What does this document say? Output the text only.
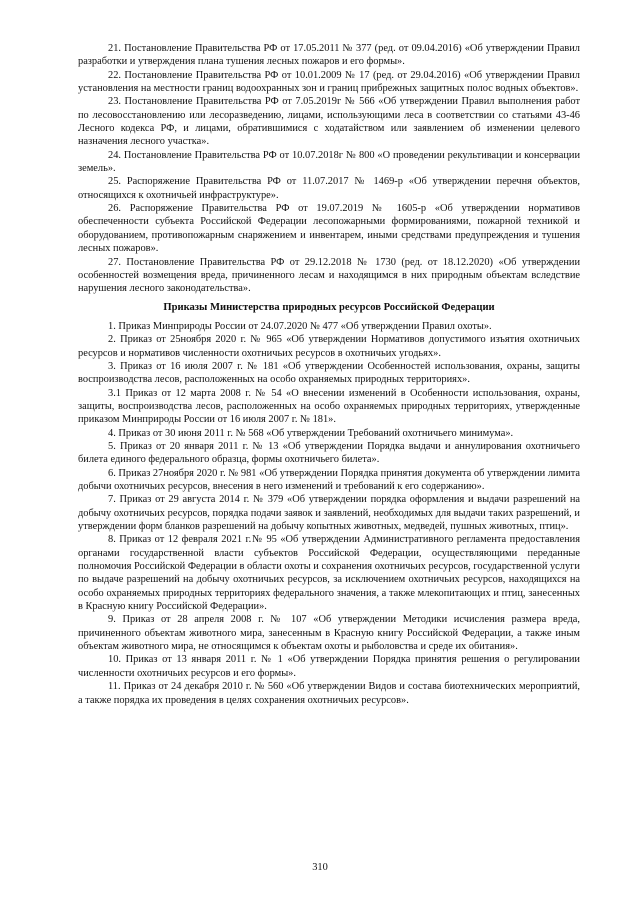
21. Постановление Правительства РФ от 17.05.2011 № 377 (ред. от 09.04.2016) «Об утверждении Правил разработки и утверждения плана тушения лесных пожаров и его формы».

22. Постановление Правительства РФ от 10.01.2009 № 17 (ред. от 29.04.2016) «Об утверждении Правил установления на местности границ водоохранных зон и границ прибрежных защитных полос водных объектов».

23. Постановление Правительства РФ от 7.05.2019г № 566 «Об утверждении Правил выполнения работ по лесовосстановлению или лесоразведению, лицами, использующими леса в соответствии со статьями 43-46 Лесного кодекса РФ, и лицами, обратившимися с ходатайством или заявлением об изменении целевого назначения лесного участка».

24. Постановление Правительства РФ от 10.07.2018г № 800 «О проведении рекультивации и консервации земель».

25. Распоряжение Правительства РФ от 11.07.2017 № 1469-р «Об утверждении перечня объектов, относящихся к охотничьей инфраструктуре».

26. Распоряжение Правительства РФ от 19.07.2019 № 1605-р «Об утверждении нормативов обеспеченности субъекта Российской Федерации лесопожарными формированиями, пожарной техникой и оборудованием, противопожарным снаряжением и инвентарем, иными средствами предупреждения и тушения лесных пожаров».

27. Постановление Правительства РФ от 29.12.2018 № 1730 (ред. от 18.12.2020) «Об утверждении особенностей возмещения вреда, причиненного лесам и находящимся в них природным объектам вследствие нарушения лесного законодательства».

Приказы Министерства природных ресурсов Российской Федерации

1. Приказ Минприроды России от 24.07.2020 № 477 «Об утверждении Правил охоты».

2. Приказ от 25ноября 2020 г. № 965 «Об утверждении Нормативов допустимого изъятия охотничьих ресурсов и нормативов численности охотничьих ресурсов в охотничьих угодьях».

3. Приказ от 16 июля 2007 г. № 181 «Об утверждении Особенностей использования, охраны, защиты воспроизводства лесов, расположенных на особо охраняемых природных территориях».

3.1 Приказ от 12 марта 2008 г. № 54 «О внесении изменений в Особенности использования, охраны, защиты, воспроизводства лесов, расположенных на особо охраняемых природных территориях, утвержденные приказом Минприроды России от 16 июля 2007 г. № 181».

4. Приказ от 30 июня 2011 г. № 568 «Об утверждении Требований охотничьего минимума».

5. Приказ от 20 января 2011 г. № 13 «Об утверждении Порядка выдачи и аннулирования охотничьего билета единого федерального образца, формы охотничьего билета».

6. Приказ 27ноября 2020 г. № 981 «Об утверждении Порядка принятия документа об утверждении лимита добычи охотничьих ресурсов, внесения в него изменений и требований к его содержанию».

7. Приказ от 29 августа 2014 г. № 379 «Об утверждении порядка оформления и выдачи разрешений на добычу охотничьих ресурсов, порядка подачи заявок и заявлений, необходимых для выдачи таких разрешений, и утверждении форм бланков разрешений на добычу копытных животных, медведей, пушных животных, птиц».

8. Приказ от 12 февраля 2021 г.№ 95 «Об утверждении Административного регламента предоставления органами государственной власти субъектов Российской Федерации, осуществляющими переданные полномочия Российской Федерации в области охоты и сохранения охотничьих ресурсов, государственной услуги по выдаче разрешений на добычу охотничьих ресурсов, за исключением охотничьих ресурсов, находящихся на особо охраняемых природных территориях федерального значения, а также млекопитающих и птиц, занесенных в Красную книгу Российской Федерации».

9. Приказ от 28 апреля 2008 г. № 107 «Об утверждении Методики исчисления размера вреда, причиненного объектам животного мира, занесенным в Красную книгу Российской Федерации, а также иным объектам животного мира, не относящимся к объектам охоты и рыболовства и среде их обитания».

10. Приказ от 13 января 2011 г. № 1 «Об утверждении Порядка принятия решения о регулировании численности охотничьих ресурсов и его формы».

11. Приказ от 24 декабря 2010 г. № 560 «Об утверждении Видов и состава биотехнических мероприятий, а также порядка их проведения в целях сохранения охотничьих ресурсов».

310
